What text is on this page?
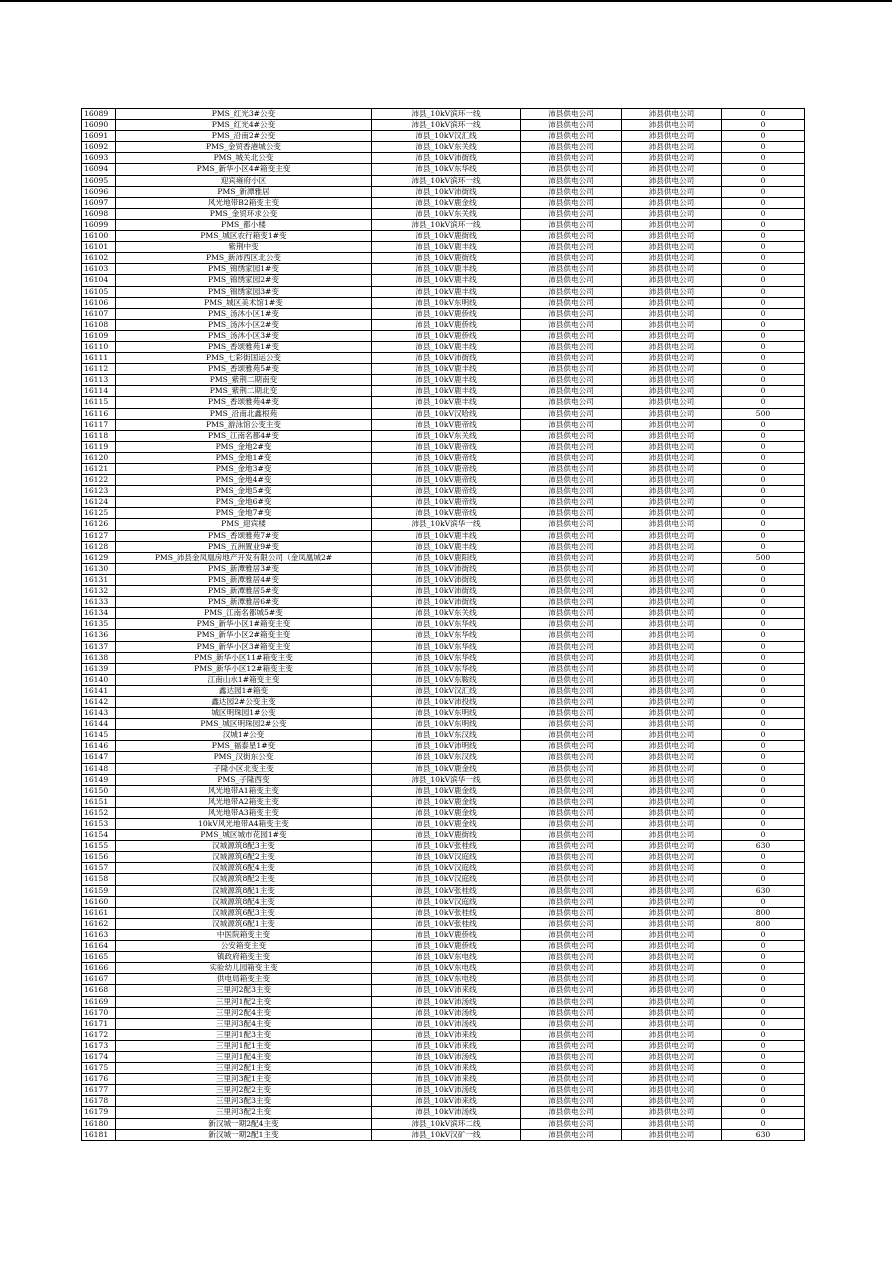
16089	PMS_红光3#公变	沛县_10kV滨环一线	沛县供电公司	沛县供电公司	0
16090	PMS_红光4#公变	沛县_10kV滨环一线	沛县供电公司	沛县供电公司	0
16091	PMS_沿南2#公变	沛县_10kV汉汇线	沛县供电公司	沛县供电公司	0
16092	PMS_金贸香港城公变	沛县_10kV东关线	沛县供电公司	沛县供电公司	0
16093	PMS_城关北公变	沛县_10kV沛街线	沛县供电公司	沛县供电公司	0
16094	PMS_新华小区4#箱变主变	沛县_10kV东华线	沛县供电公司	沛县供电公司	0
16095	迎宾雍府小区	沛县_10kV滨环一线	沛县供电公司	沛县供电公司	0
16096	PMS_新潭雅居	沛县_10kV沛街线	沛县供电公司	沛县供电公司	0
16097	风光地带B2箱变主变	沛县_10kV鹿金线	沛县供电公司	沛县供电公司	0
16098	PMS_金贸环求公变	沛县_10kV东关线	沛县供电公司	沛县供电公司	0
16099	PMS_都小楼	沛县_10kV滨环一线	沛县供电公司	沛县供电公司	0
16100	PMS_城区农行箱变1#变	沛县_10kV鹿街线	沛县供电公司	沛县供电公司	0
16101	紫荆中变	沛县_10kV鹿丰线	沛县供电公司	沛县供电公司	0
16102	PMS_新沛西区北公变	沛县_10kV鹿街线	沛县供电公司	沛县供电公司	0
16103	PMS_锦绣家园1#变	沛县_10kV鹿丰线	沛县供电公司	沛县供电公司	0
16104	PMS_锦绣家园2#变	沛县_10kV鹿丰线	沛县供电公司	沛县供电公司	0
16105	PMS_锦绣家园3#变	沛县_10kV鹿丰线	沛县供电公司	沛县供电公司	0
16106	PMS_城区美术馆1#变	沛县_10kV东明线	沛县供电公司	沛县供电公司	0
16107	PMS_汤沐小区1#变	沛县_10kV鹿侨线	沛县供电公司	沛县供电公司	0
16108	PMS_汤沐小区2#变	沛县_10kV鹿侨线	沛县供电公司	沛县供电公司	0
16109	PMS_汤沐小区3#变	沛县_10kV鹿侨线	沛县供电公司	沛县供电公司	0
16110	PMS_香颂雅苑1#变	沛县_10kV鹿丰线	沛县供电公司	沛县供电公司	0
16111	PMS_七彩街国运公变	沛县_10kV沛街线	沛县供电公司	沛县供电公司	0
16112	PMS_香颂雅苑5#变	沛县_10kV鹿丰线	沛县供电公司	沛县供电公司	0
16113	PMS_紫荆二期南变	沛县_10kV鹿丰线	沛县供电公司	沛县供电公司	0
16114	PMS_紫荆二期北变	沛县_10kV鹿丰线	沛县供电公司	沛县供电公司	0
16115	PMS_香颂雅苑4#变	沛县_10kV鹿丰线	沛县供电公司	沛县供电公司	0
16116	PMS_沿南北鑫根苑	沛县_10kV汉哈线	沛县供电公司	沛县供电公司	500
16117	PMS_游泳馆公变主变	沛县_10kV鹿帝线	沛县供电公司	沛县供电公司	0
16118	PMS_江南名都4#变	沛县_10kV东关线	沛县供电公司	沛县供电公司	0
16119	PMS_金地2#变	沛县_10kV鹿帝线	沛县供电公司	沛县供电公司	0
16120	PMS_金地1#变	沛县_10kV鹿帝线	沛县供电公司	沛县供电公司	0
16121	PMS_金地3#变	沛县_10kV鹿帝线	沛县供电公司	沛县供电公司	0
16122	PMS_金地4#变	沛县_10kV鹿帝线	沛县供电公司	沛县供电公司	0
16123	PMS_金地5#变	沛县_10kV鹿帝线	沛县供电公司	沛县供电公司	0
16124	PMS_金地6#变	沛县_10kV鹿帝线	沛县供电公司	沛县供电公司	0
16125	PMS_金地7#变	沛县_10kV鹿帝线	沛县供电公司	沛县供电公司	0
16126	PMS_迎宾楼	沛县_10kV滨华一线	沛县供电公司	沛县供电公司	0
16127	PMS_香颂雅苑7#变	沛县_10kV鹿丰线	沛县供电公司	沛县供电公司	0
16128	PMS_五洲置业9#变	沛县_10kV鹿丰线	沛县供电公司	沛县供电公司	0
16129	PMS_沛县金凤凰房地产开发有限公司（金凤凰城2#	沛县_10kV鹿阳线	沛县供电公司	沛县供电公司	500
16130	PMS_新潭雅居3#变	沛县_10kV沛街线	沛县供电公司	沛县供电公司	0
16131	PMS_新潭雅居4#变	沛县_10kV沛街线	沛县供电公司	沛县供电公司	0
16132	PMS_新潭雅居5#变	沛县_10kV沛街线	沛县供电公司	沛县供电公司	0
16133	PMS_新潭雅居6#变	沛县_10kV沛街线	沛县供电公司	沛县供电公司	0
16134	PMS_江南名都城5#变	沛县_10kV东关线	沛县供电公司	沛县供电公司	0
16135	PMS_新华小区1#箱变主变	沛县_10kV东华线	沛县供电公司	沛县供电公司	0
16136	PMS_新华小区2#箱变主变	沛县_10kV东华线	沛县供电公司	沛县供电公司	0
16137	PMS_新华小区3#箱变主变	沛县_10kV东华线	沛县供电公司	沛县供电公司	0
16138	PMS_新华小区11#箱变主变	沛县_10kV东华线	沛县供电公司	沛县供电公司	0
16139	PMS_新华小区12#箱变主变	沛县_10kV东华线	沛县供电公司	沛县供电公司	0
16140	江南山水1#箱变主变	沛县_10kV东鞍线	沛县供电公司	沛县供电公司	0
16141	鑫达园1#箱变	沛县_10kV汉汇线	沛县供电公司	沛县供电公司	0
16142	鑫达园2#公变主变	沛县_10kV沛投线	沛县供电公司	沛县供电公司	0
16143	城区明珠园1#公变	沛县_10kV东明线	沛县供电公司	沛县供电公司	0
16144	PMS_城区明珠园2#公变	沛县_10kV东明线	沛县供电公司	沛县供电公司	0
16145	汉城1#公变	沛县_10kV东汉线	沛县供电公司	沛县供电公司	0
16146	PMS_福泰星1#变	沛县_10kV沛明线	沛县供电公司	沛县供电公司	0
16147	PMS_汉街东公变	沛县_10kV东汉线	沛县供电公司	沛县供电公司	0
16148	子隆小区北变主变	沛县_10kV鹿金线	沛县供电公司	沛县供电公司	0
16149	PMS_子隆西变	沛县_10kV滨华一线	沛县供电公司	沛县供电公司	0
16150	风光地带A1箱变主变	沛县_10kV鹿金线	沛县供电公司	沛县供电公司	0
16151	风光地带A2箱变主变	沛县_10kV鹿金线	沛县供电公司	沛县供电公司	0
16152	风光地带A3箱变主变	沛县_10kV鹿金线	沛县供电公司	沛县供电公司	0
16153	10kV风光地带A4箱变主变	沛县_10kV鹿金线	沛县供电公司	沛县供电公司	0
16154	PMS_城区城市花园1#变	沛县_10kV鹿街线	沛县供电公司	沛县供电公司	0
16155	汉城源筑8配3主变	沛县_10kV张桂线	沛县供电公司	沛县供电公司	630
16156	汉城源筑6配2主变	沛县_10kV汉庭线	沛县供电公司	沛县供电公司	0
16157	汉城源筑6配4主变	沛县_10kV汉庭线	沛县供电公司	沛县供电公司	0
16158	汉城源筑8配2主变	沛县_10kV汉庭线	沛县供电公司	沛县供电公司	0
16159	汉城源筑8配1主变	沛县_10kV张桂线	沛县供电公司	沛县供电公司	630
16160	汉城源筑8配4主变	沛县_10kV汉庭线	沛县供电公司	沛县供电公司	0
16161	汉城源筑6配3主变	沛县_10kV张桂线	沛县供电公司	沛县供电公司	800
16162	汉城源筑6配1主变	沛县_10kV张桂线	沛县供电公司	沛县供电公司	800
16163	中医院箱变主变	沛县_10kV鹿侨线	沛县供电公司	沛县供电公司	0
16164	公安箱变主变	沛县_10kV鹿侨线	沛县供电公司	沛县供电公司	0
16165	镇政府箱变主变	沛县_10kV东电线	沛县供电公司	沛县供电公司	0
16166	实验幼儿园箱变主变	沛县_10kV东电线	沛县供电公司	沛县供电公司	0
16167	供电局箱变主变	沛县_10kV东电线	沛县供电公司	沛县供电公司	0
16168	三里河2配3主变	沛县_10kV沛来线	沛县供电公司	沛县供电公司	0
16169	三里河1配2主变	沛县_10kV沛汤线	沛县供电公司	沛县供电公司	0
16170	三里河2配4主变	沛县_10kV沛汤线	沛县供电公司	沛县供电公司	0
16171	三里河3配4主变	沛县_10kV沛汤线	沛县供电公司	沛县供电公司	0
16172	三里河1配3主变	沛县_10kV沛来线	沛县供电公司	沛县供电公司	0
16173	三里河1配1主变	沛县_10kV沛来线	沛县供电公司	沛县供电公司	0
16174	三里河1配4主变	沛县_10kV沛汤线	沛县供电公司	沛县供电公司	0
16175	三里河2配1主变	沛县_10kV沛来线	沛县供电公司	沛县供电公司	0
16176	三里河3配1主变	沛县_10kV沛来线	沛县供电公司	沛县供电公司	0
16177	三里河2配2主变	沛县_10kV沛汤线	沛县供电公司	沛县供电公司	0
16178	三里河3配3主变	沛县_10kV沛来线	沛县供电公司	沛县供电公司	0
16179	三里河3配2主变	沛县_10kV沛汤线	沛县供电公司	沛县供电公司	0
16180	新汉城一期2配4主变	沛县_10kV滨环二线	沛县供电公司	沛县供电公司	0
16181	新汉城一期2配1主变	沛县_10kV汉矿一线	沛县供电公司	沛县供电公司	630
